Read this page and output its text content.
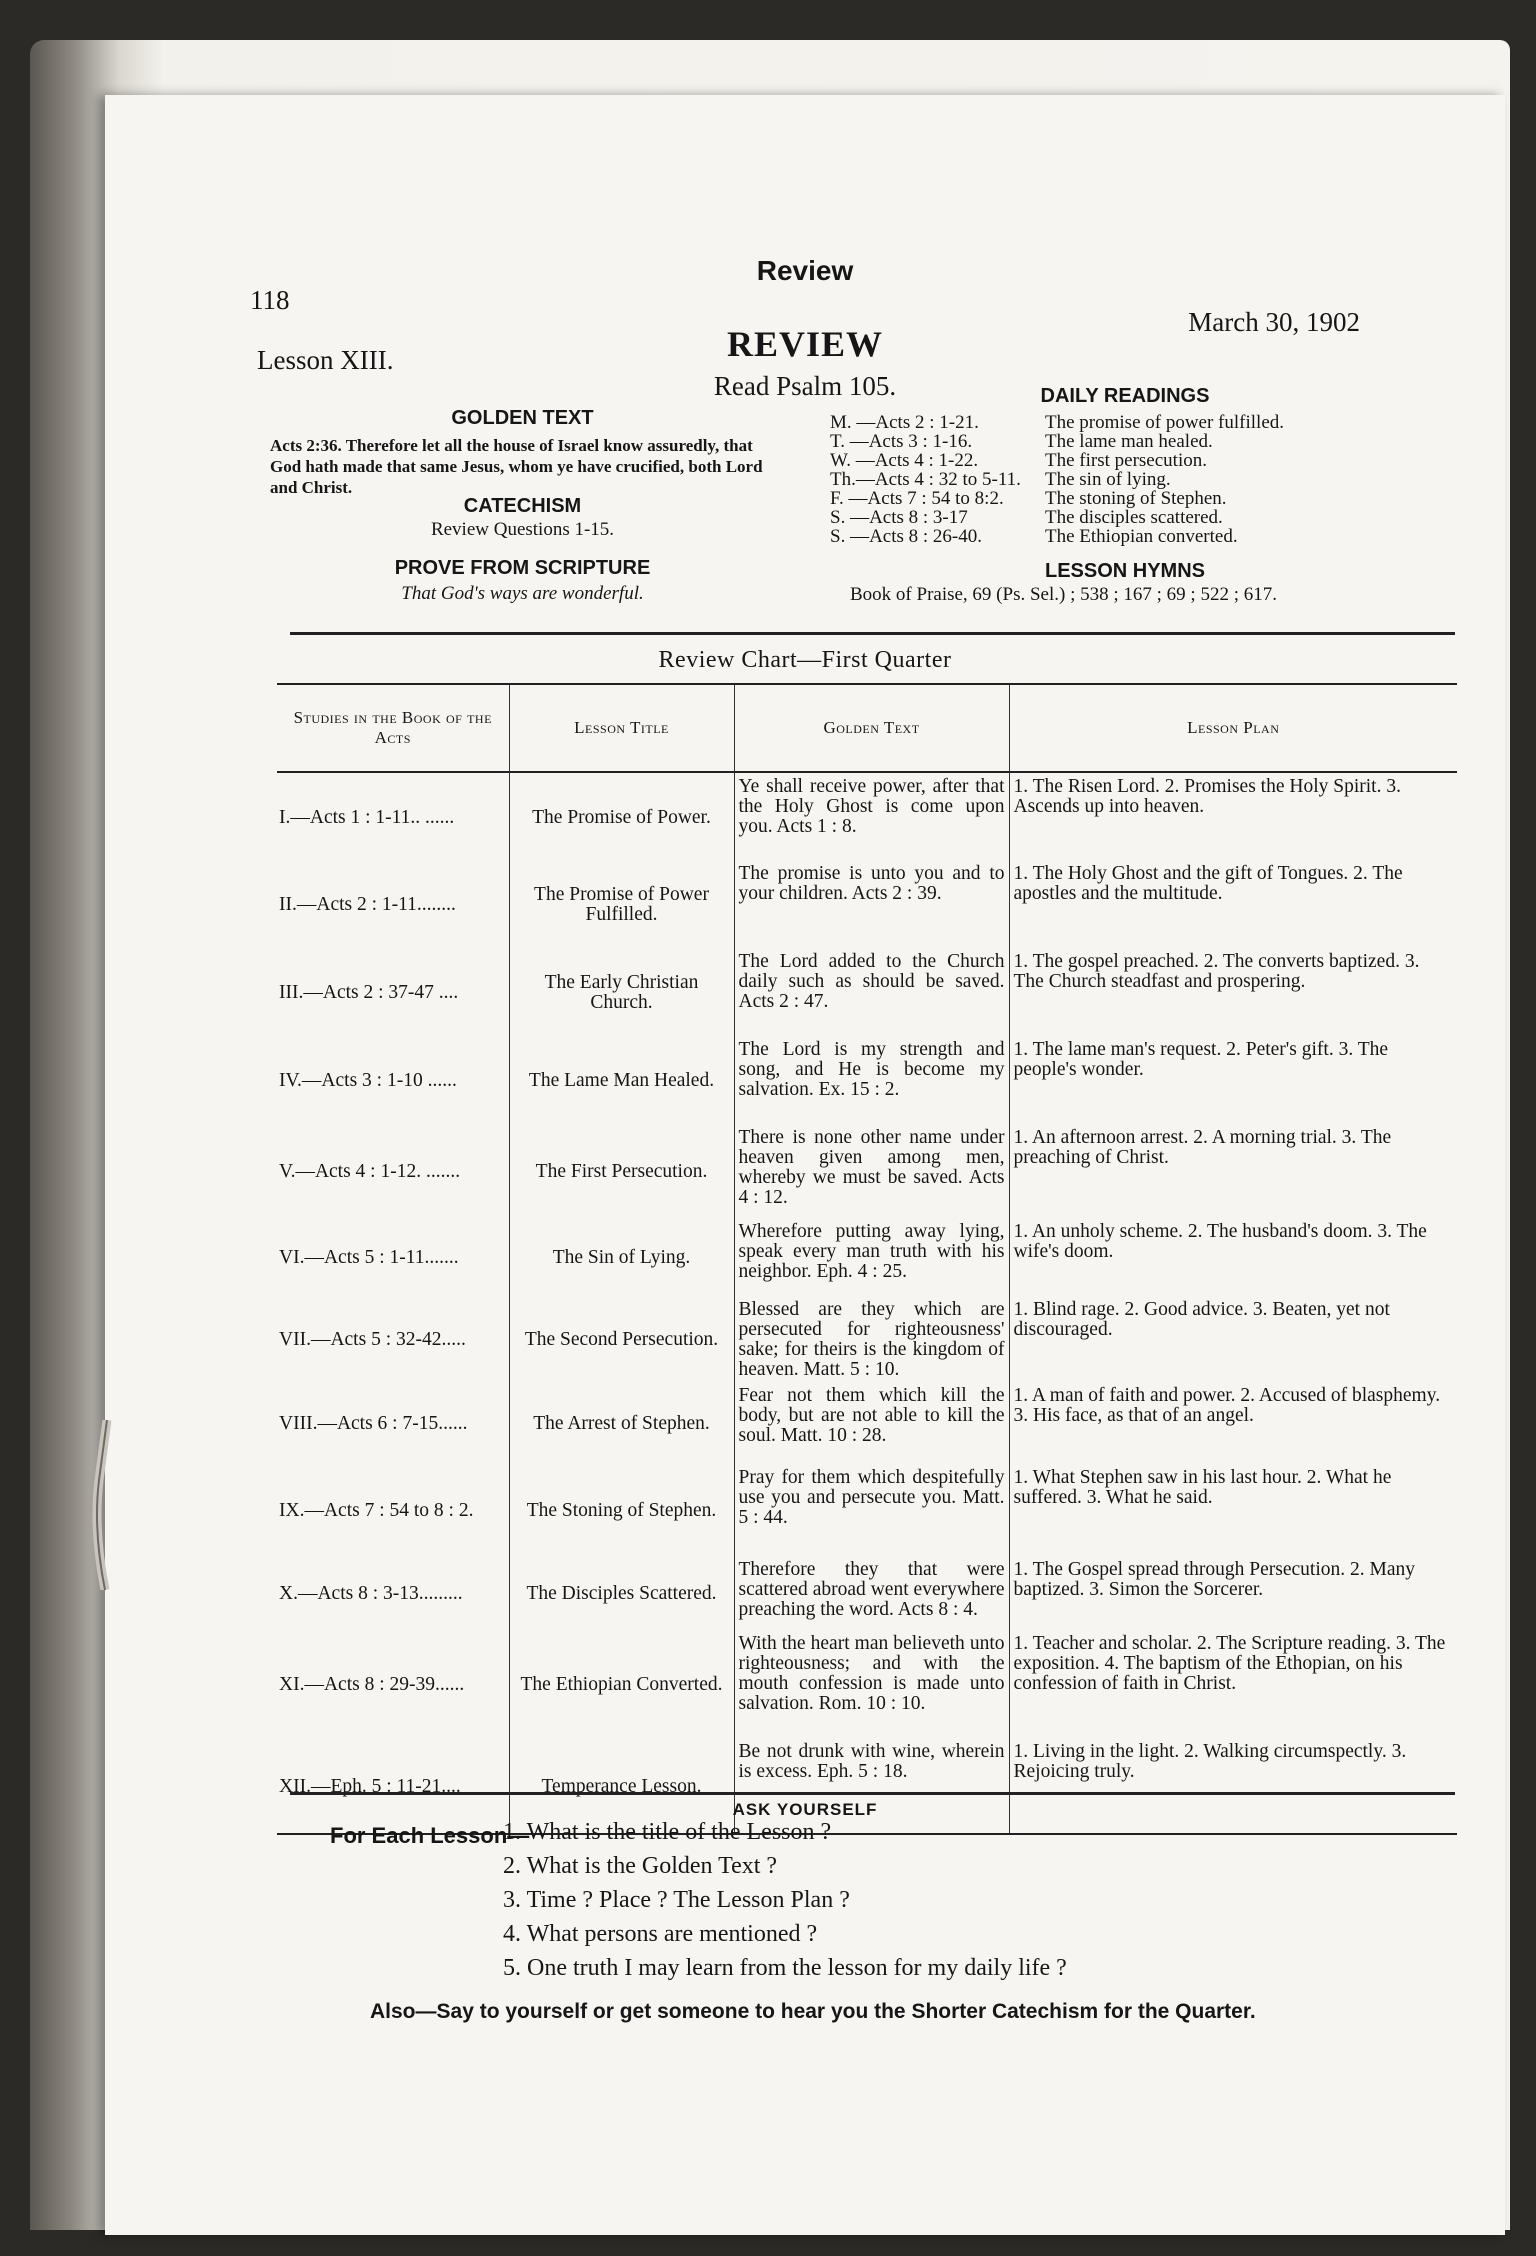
Review
118
March 30, 1902
Lesson XIII.	REVIEW
Read Psalm 105.
GOLDEN TEXT
Acts 2:36. Therefore let all the house of Israel know assuredly, that God hath made that same Jesus, whom ye have crucified, both Lord and Christ.
CATECHISM
Review Questions 1-15.
PROVE FROM SCRIPTURE
That God's ways are wonderful.
DAILY READINGS
M. —Acts 2 : 1-21.	The promise of power fulfilled.
T. —Acts 3 : 1-16.	The lame man healed.
W. —Acts 4 : 1-22.	The first persecution.
Th.—Acts 4 : 32 to 5-11.	The sin of lying.
F. —Acts 7 : 54 to 8:2.	The stoning of Stephen.
S. —Acts 8 : 3-17	The disciples scattered.
S. —Acts 8 : 26-40.	The Ethiopian converted.
LESSON HYMNS
Book of Praise, 69 (Ps. Sel.) ; 538 ; 167 ; 69 ; 522 ; 617.
Review Chart—First Quarter
Studies in the Book of the Acts	Lesson Title	Golden Text	Lesson Plan
I.—Acts 1 : 1-11.. ......	The Promise of Power.	Ye shall receive power, after that the Holy Ghost is come upon you. Acts 1 : 8.	1. The Risen Lord. 2. Promises the Holy Spirit. 3. Ascends up into heaven.
II.—Acts 2 : 1-11........	The Promise of Power Fulfilled.	The promise is unto you and to your children. Acts 2 : 39.	1. The Holy Ghost and the gift of Tongues. 2. The apostles and the multitude.
III.—Acts 2 : 37-47 ....	The Early Christian Church.	The Lord added to the Church daily such as should be saved. Acts 2 : 47.	1. The gospel preached. 2. The converts baptized. 3. The Church steadfast and prospering.
IV.—Acts 3 : 1-10 ......	The Lame Man Healed.	The Lord is my strength and song, and He is become my salvation. Ex. 15 : 2.	1. The lame man's request. 2. Peter's gift. 3. The people's wonder.
V.—Acts 4 : 1-12. .......	The First Persecution.	There is none other name under heaven given among men, whereby we must be saved. Acts 4 : 12.	1. An afternoon arrest. 2. A morning trial. 3. The preaching of Christ.
VI.—Acts 5 : 1-11.......	The Sin of Lying.	Wherefore putting away lying, speak every man truth with his neighbor. Eph. 4 : 25.	1. An unholy scheme. 2. The husband's doom. 3. The wife's doom.
VII.—Acts 5 : 32-42.....	The Second Persecution.	Blessed are they which are persecuted for righteousness' sake; for theirs is the kingdom of heaven. Matt. 5 : 10.	1. Blind rage. 2. Good advice. 3. Beaten, yet not discouraged.
VIII.—Acts 6 : 7-15......	The Arrest of Stephen.	Fear not them which kill the body, but are not able to kill the soul. Matt. 10 : 28.	1. A man of faith and power. 2. Accused of blasphemy. 3. His face, as that of an angel.
IX.—Acts 7 : 54 to 8 : 2.	The Stoning of Stephen.	Pray for them which despitefully use you and persecute you. Matt. 5 : 44.	1. What Stephen saw in his last hour. 2. What he suffered. 3. What he said.
X.—Acts 8 : 3-13.........	The Disciples Scattered.	Therefore they that were scattered abroad went everywhere preaching the word. Acts 8 : 4.	1. The Gospel spread through Persecution. 2. Many baptized. 3. Simon the Sorcerer.
XI.—Acts 8 : 29-39......	The Ethiopian Converted.	With the heart man believeth unto righteousness; and with the mouth confession is made unto salvation. Rom. 10 : 10.	1. Teacher and scholar. 2. The Scripture reading. 3. The exposition. 4. The baptism of the Ethopian, on his confession of faith in Christ.
XII.—Eph. 5 : 11-21....	Temperance Lesson.	Be not drunk with wine, wherein is excess. Eph. 5 : 18.	1. Living in the light. 2. Walking circumspectly. 3. Rejoicing truly.
ASK YOURSELF
For Each Lesson—
1. What is the title of the Lesson ?
2. What is the Golden Text ?
3. Time ? Place ? The Lesson Plan ?
4. What persons are mentioned ?
5. One truth I may learn from the lesson for my daily life ?
Also—Say to yourself or get someone to hear you the Shorter Catechism for the Quarter.
